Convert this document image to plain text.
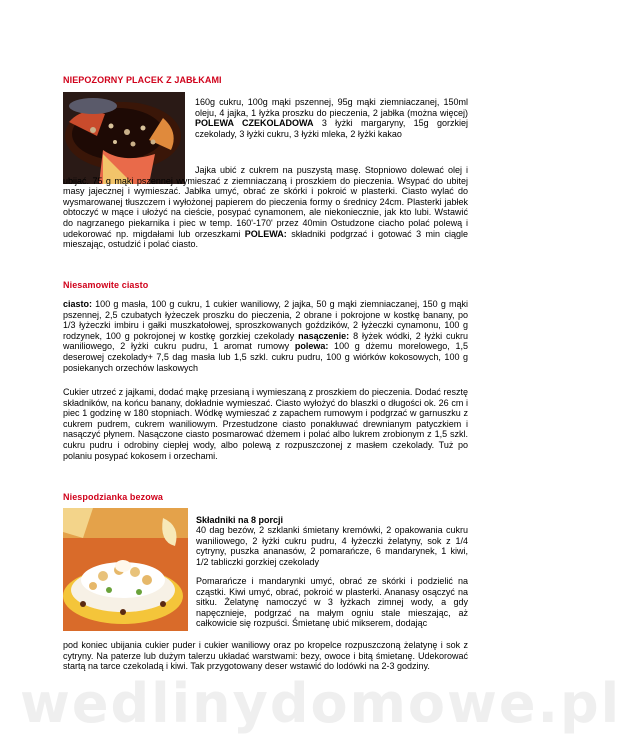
wedlinydomowe.pl
NIEPOZORNY PLACEK Z JABŁKAMI
160g cukru, 100g mąki pszennej, 95g mąki ziemniaczanej, 150ml oleju, 4 jajka, 1 łyżka proszku do pieczenia, 2 jabłka (można więcej) POLEWA CZEKOLADOWA 3 łyżki margaryny, 15g gorzkiej czekolady, 3 łyżki cukru, 3 łyżki mleka, 2 łyżki kakao
Jajka ubić z cukrem na puszystą masę. Stopniowo dolewać olej i ubijać. 75 g mąki pszennej wymieszać z ziemniaczaną i proszkiem do pieczenia. Wsypać do ubitej masy jajecznej i wymieszać. Jabłka umyć, obrać ze skórki i pokroić w plasterki. Ciasto wylać do wysmarowanej tłuszczem i wyłożonej papierem do pieczenia formy o średnicy 24cm. Plasterki jabłek obtoczyć w mące i ułożyć na cieście, posypać cynamonem, ale niekoniecznie, jak kto lubi. Wstawić do nagrzanego piekarnika i piec w temp. 160'-170' przez 40min Ostudzone ciacho polać polewą i udekorować np. migdałami lub orzeszkami POLEWA: składniki podgrzać i gotować 3 min ciągle mieszając, ostudzić i polać ciasto.
Niesamowite ciasto
ciasto: 100 g masła, 100 g cukru, 1 cukier waniliowy, 2 jajka, 50 g mąki ziemniaczanej, 150 g mąki pszennej, 2,5 czubatych łyżeczek proszku do pieczenia, 2 obrane i pokrojone w kostkę banany, po 1/3 łyżeczki imbiru i gałki muszkatołowej, sproszkowanych goździków, 2 łyżeczki cynamonu, 100 g rodzynek, 100 g pokrojonej w kostkę gorzkiej czekolady nasączenie: 8 łyżek wódki, 2 łyżki cukru waniliowego, 2 łyżki cukru pudru, 1 aromat rumowy polewa: 100 g dżemu morelowego, 1,5 deserowej czekolady+ 7,5 dag masła lub 1,5 szkl. cukru pudru, 100 g wiórków kokosowych, 100 g posiekanych orzechów laskowych
Cukier utrzeć z jajkami, dodać mąkę przesianą i wymieszaną z proszkiem do pieczenia. Dodać resztę składników, na końcu banany, dokładnie wymieszać. Ciasto wyłożyć do blaszki o długości ok. 26 cm i piec 1 godzinę w 180 stopniach. Wódkę wymieszać z zapachem rumowym i podgrzać w garnuszku z cukrem pudrem, cukrem waniliowym. Przestudzone ciasto ponakłuwać drewnianym patyczkiem i nasączyć płynem. Nasączone ciasto posmarować dżemem i polać albo lukrem zrobionym z 1,5 szkl. cukru pudru i odrobiny ciepłej wody, albo polewą z rozpuszczonej z masłem czekolady. Tuż po polaniu posypać kokosem i orzechami.
Niespodzianka bezowa
Składniki na 8 porcji
40 dag bezów, 2 szklanki śmietany kremówki, 2 opakowania cukru waniliowego, 2 łyżki cukru pudru, 4 łyżeczki żelatyny, sok z 1/4 cytryny, puszka ananasów, 2 pomarańcze, 6 mandarynek, 1 kiwi, 1/2 tabliczki gorzkiej czekolady
Pomarańcze i mandarynki umyć, obrać ze skórki i podzielić na cząstki. Kiwi umyć, obrać, pokroić w plasterki. Ananasy osączyć na sitku. Żelatynę namoczyć w 3 łyżkach zimnej wody, a gdy napęcznieje, podgrzać na małym ogniu stale mieszając, aż całkowicie się rozpuści. Śmietanę ubić mikserem, dodając
pod koniec ubijania cukier puder i cukier waniliowy oraz po kropelce rozpuszczoną żelatynę i sok z cytryny. Na paterze lub dużym talerzu układać warstwami: bezy, owoce i bitą śmietanę. Udekorować startą na tarce czekoladą i kiwi. Tak przygotowany deser wstawić do lodówki na 2-3 godziny.
